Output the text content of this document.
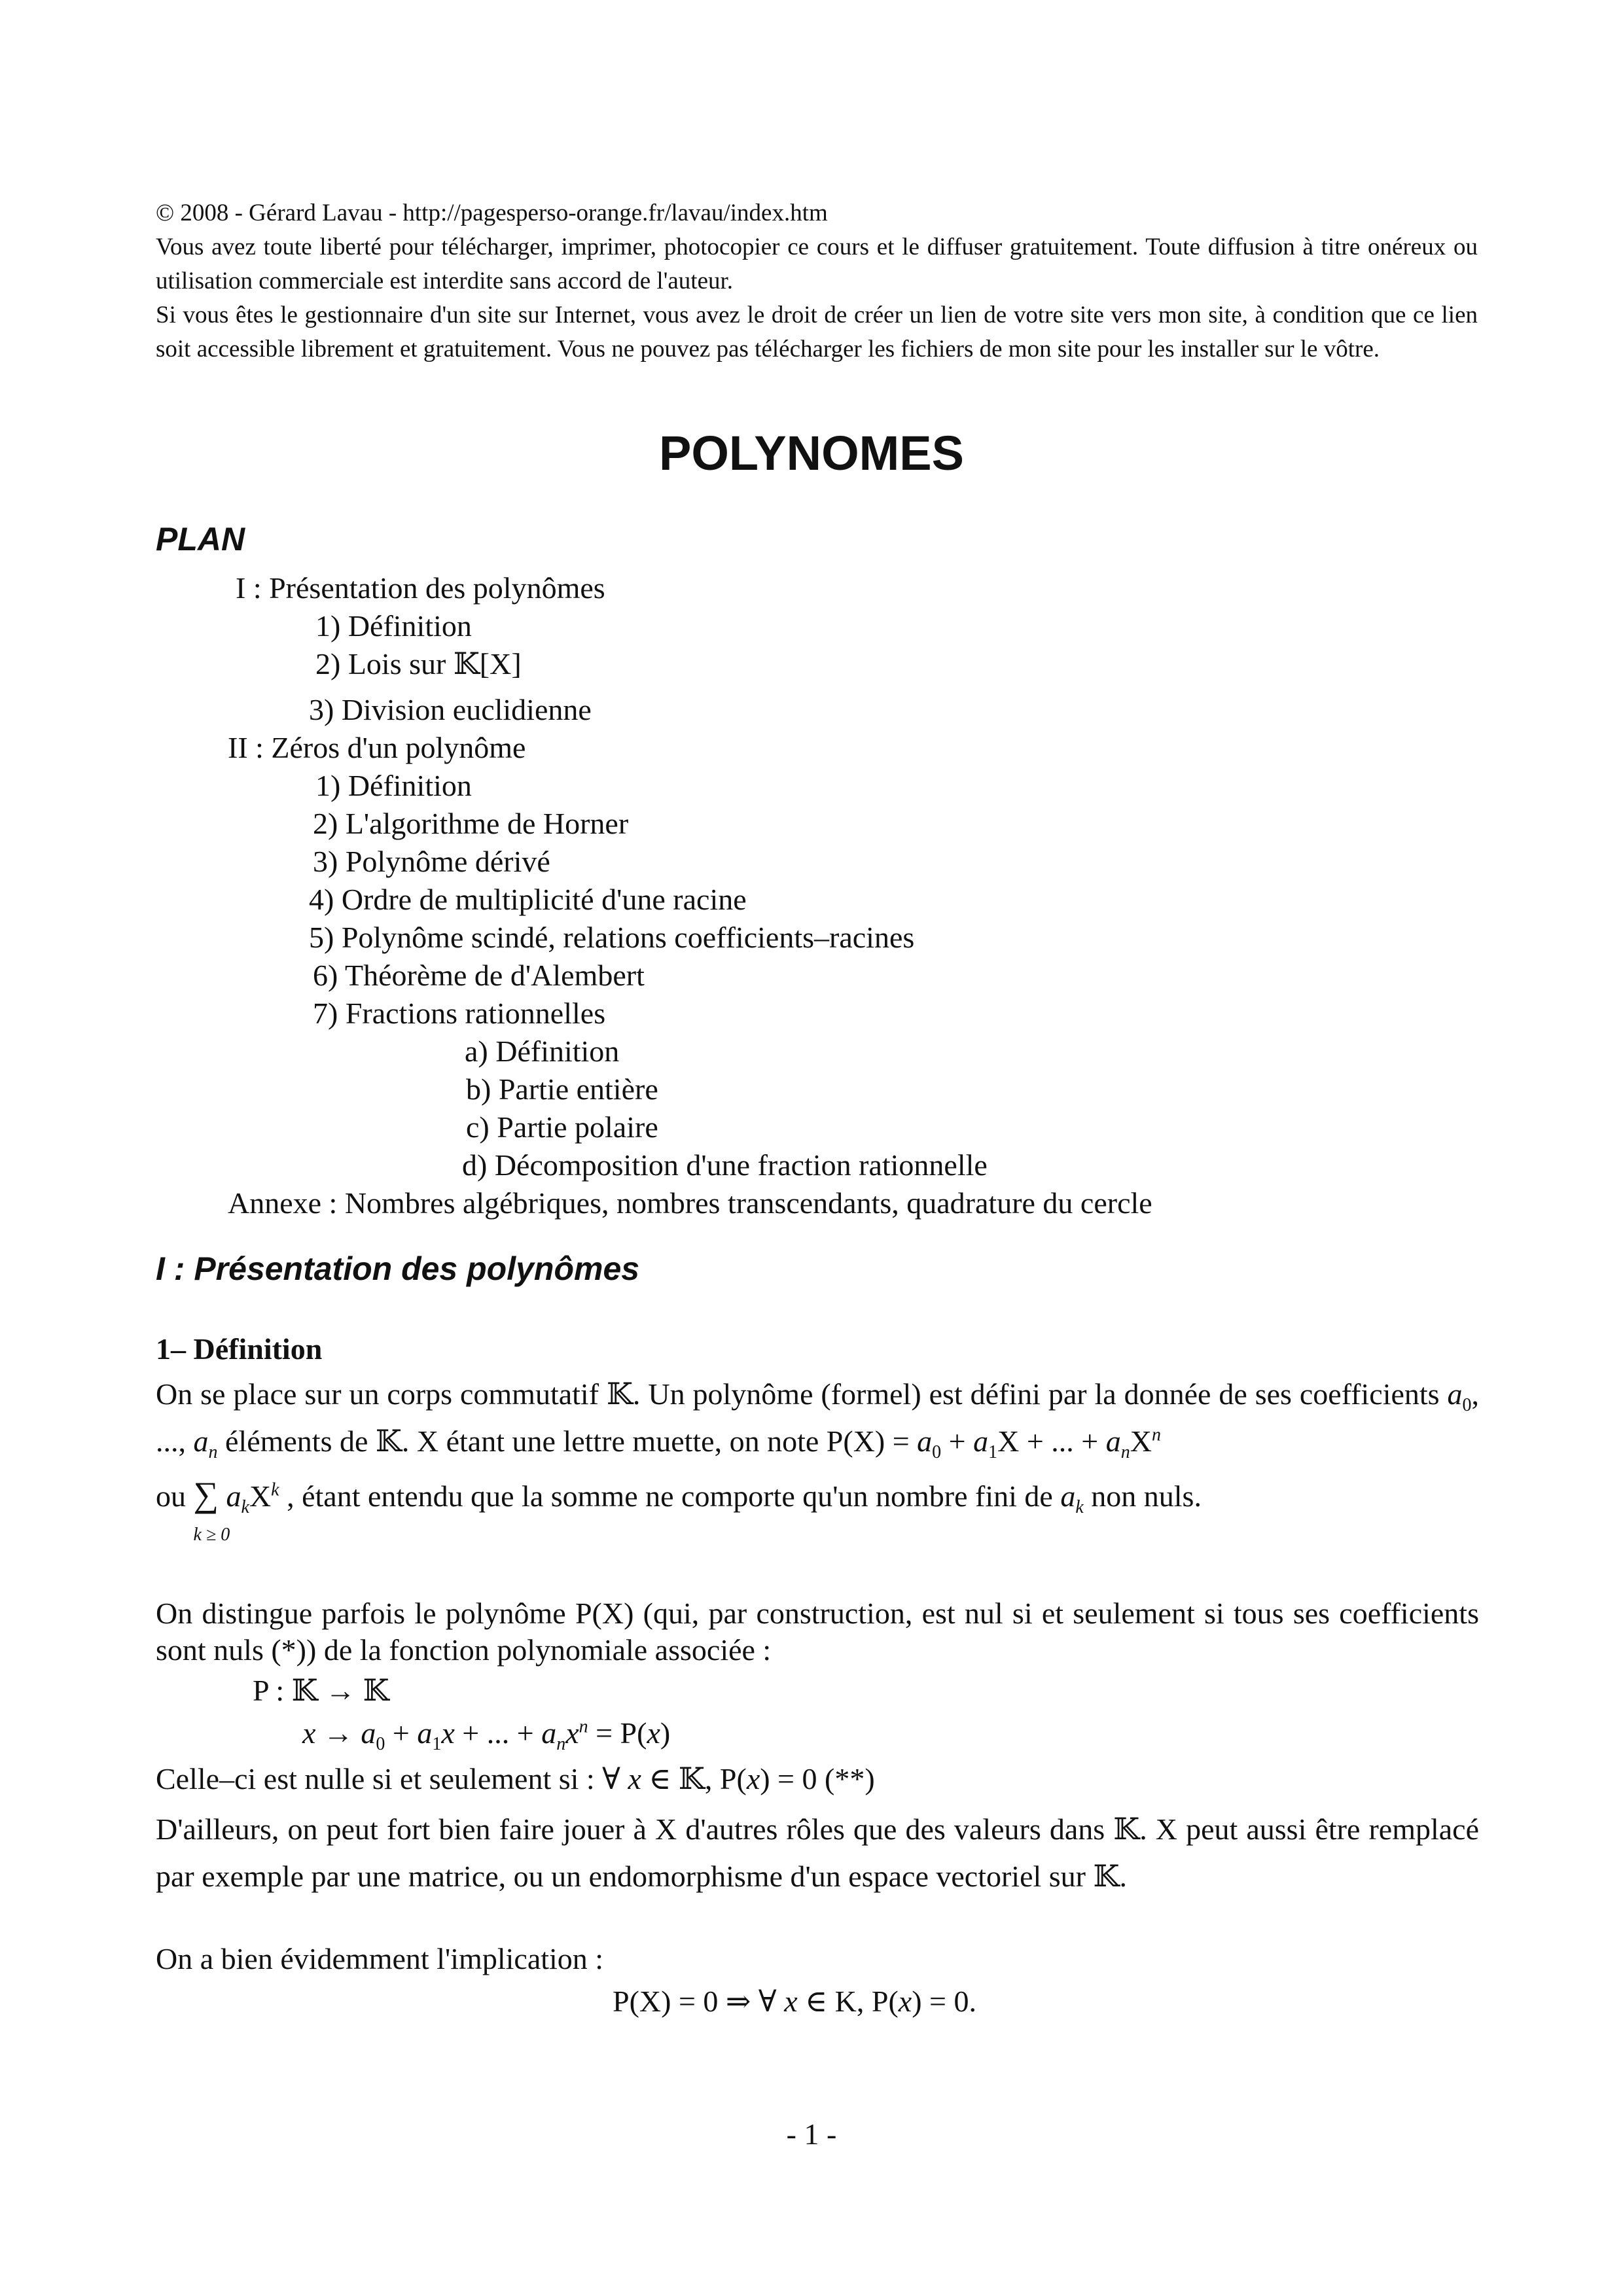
© 2008 - Gérard Lavau - http://pagesperso-orange.fr/lavau/index.htm

Vous avez toute liberté pour télécharger, imprimer, photocopier ce cours et le diffuser gratuitement. Toute diffusion à titre onéreux ou utilisation commerciale est interdite sans accord de l'auteur.

Si vous êtes le gestionnaire d'un site sur Internet, vous avez le droit de créer un lien de votre site vers mon site, à condition que ce lien soit accessible librement et gratuitement. Vous ne pouvez pas télécharger les fichiers de mon site pour les installer sur le vôtre.

POLYNOMES
PLAN
I : Présentation des polynômes
1) Définition
2) Lois sur 𝕂[X]
3) Division euclidienne
II : Zéros d'un polynôme
1) Définition
2) L'algorithme de Horner
3) Polynôme dérivé
4) Ordre de multiplicité d'une racine
5) Polynôme scindé, relations coefficients–racines
6) Théorème de d'Alembert
7) Fractions rationnelles
a) Définition
b) Partie entière
c) Partie polaire
d) Décomposition d'une fraction rationnelle
Annexe : Nombres algébriques, nombres transcendants, quadrature du cercle
I : Présentation des polynômes
1– Définition

On se place sur un corps commutatif 𝕂. Un polynôme (formel) est défini par la donnée de ses coefficients $a_0$, ..., $a_n$ éléments de 𝕂. X étant une lettre muette, on note $P(X) = a_0 + a_1X$ + ... + $a_nX^n$

ou ∑
k ≥ 0
$a_kX^k$ , étant entendu que la somme ne comporte qu'un nombre fini de $a_k$ non nuls.

On distingue parfois le polynôme P(X) (qui, par construction, est nul si et seulement si tous ses coefficients sont nuls (*)) de la fonction polynomiale associée :

P : 𝕂 → 𝕂
$x \to a_0 + a_1x$ + ... + $a_nx^n = P(x)$
Celle–ci est nulle si et seulement si : ∀ x ∈ 𝕂, P(x) = 0 (**)

D'ailleurs, on peut fort bien faire jouer à X d'autres rôles que des valeurs dans 𝕂. X peut aussi être remplacé par exemple par une matrice, ou un endomorphisme d'un espace vectoriel sur 𝕂.

On a bien évidemment l'implication :
P(X) = 0 ⇒ ∀ x ∈ K, P(x) = 0.
- 1 -
